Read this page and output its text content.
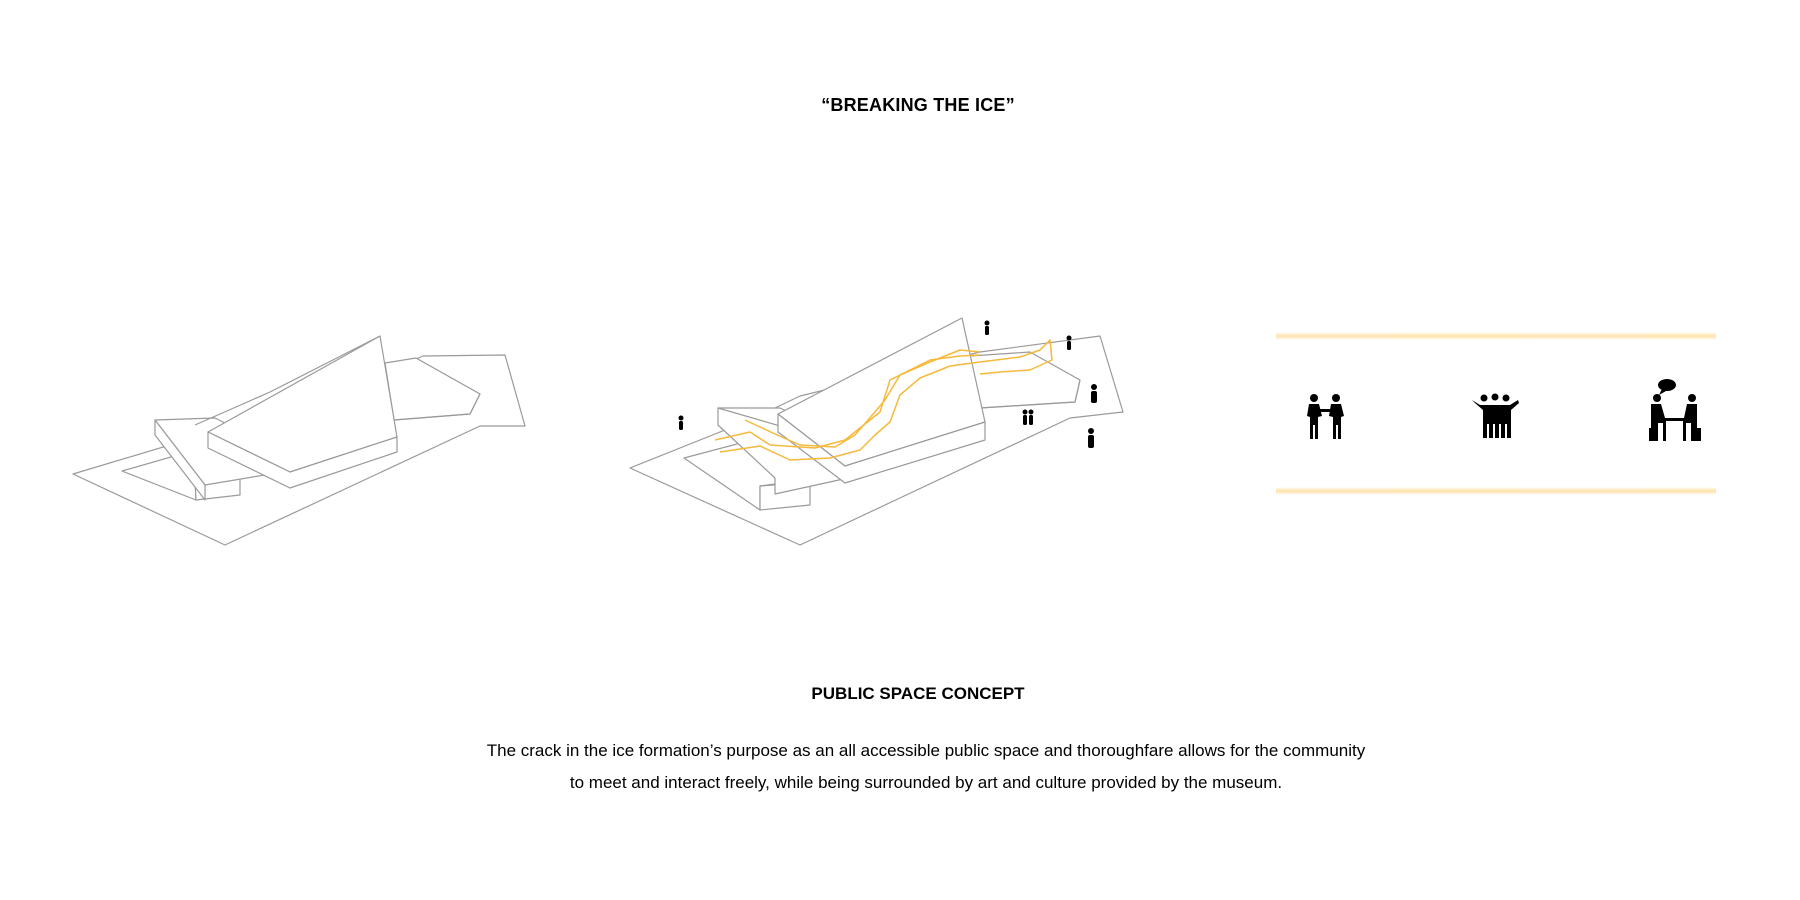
“BREAKING THE ICE”
PUBLIC SPACE CONCEPT
The crack in the ice formation’s purpose as an all accessible public space and thoroughfare allows for the community
to meet and interact freely, while being surrounded by art and culture provided by the museum.
